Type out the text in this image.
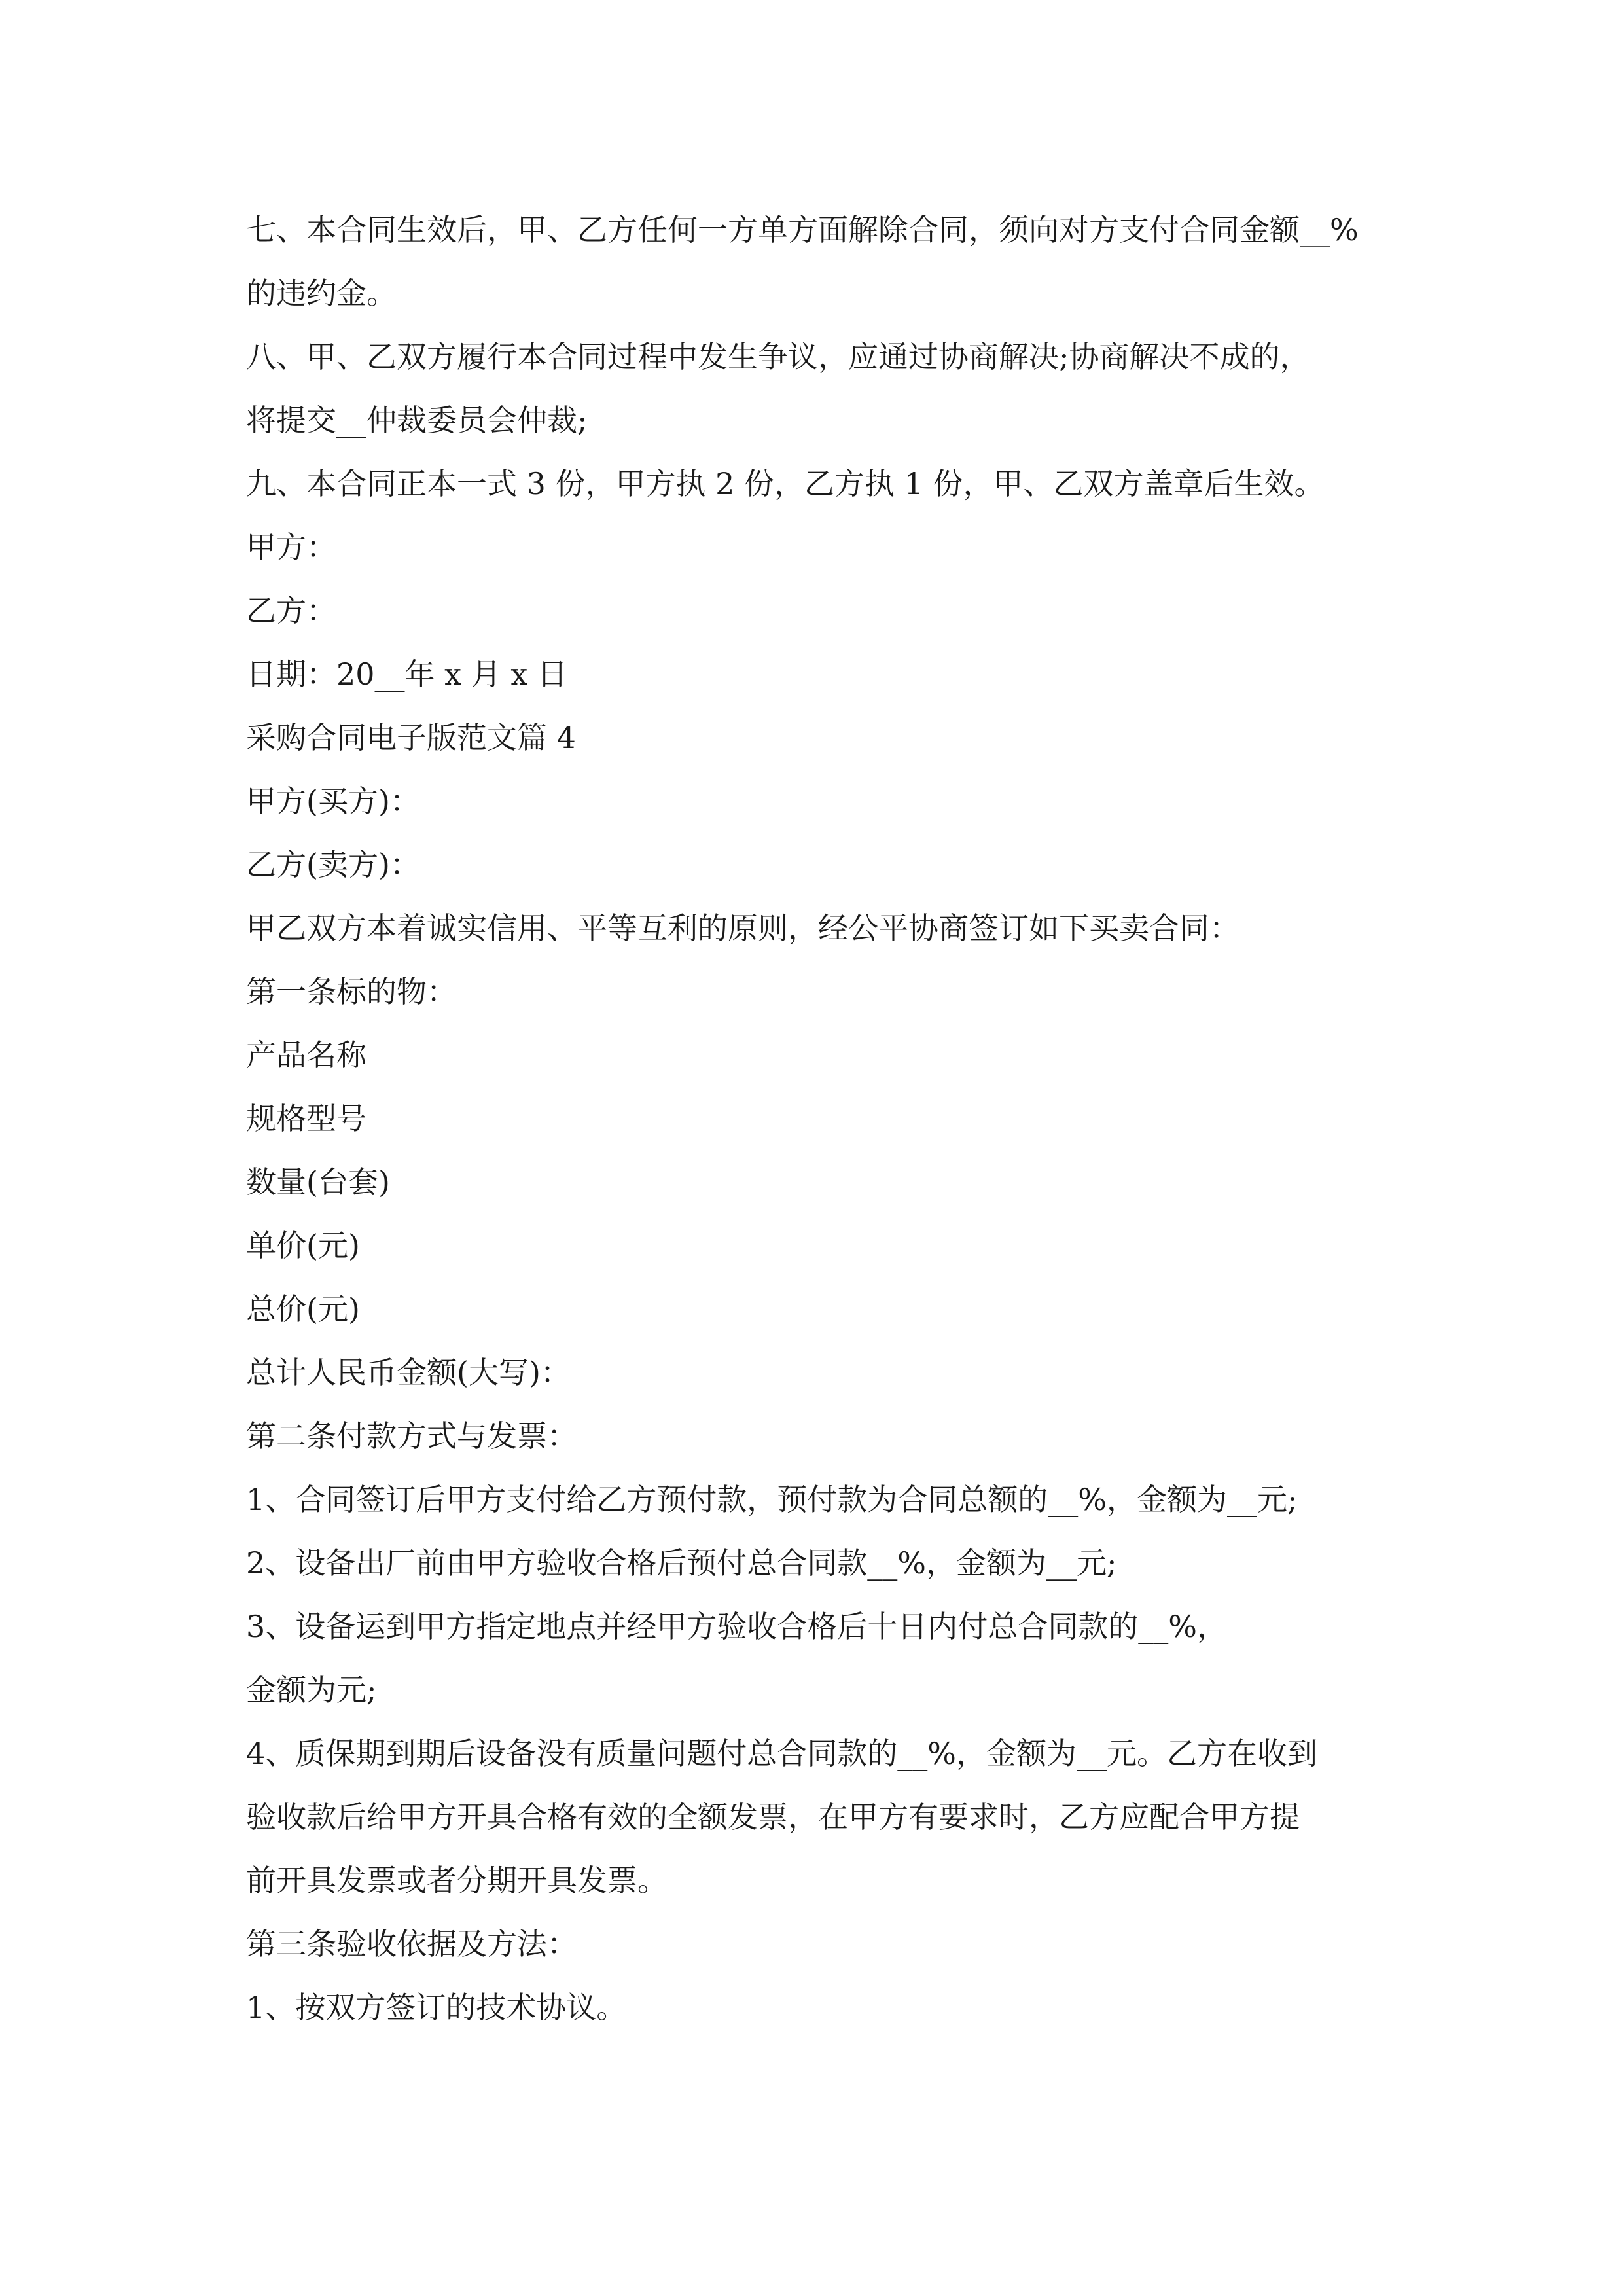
七、本合同生效后，甲、乙方任何一方单方面解除合同，须向对方支付合同金额__%

的违约金。

八、甲、乙双方履行本合同过程中发生争议，应通过协商解决;协商解决不成的，

将提交__仲裁委员会仲裁;

九、本合同正本一式 3 份，甲方执 2 份，乙方执 1 份，甲、乙双方盖章后生效。

甲方：

乙方：

日期：20__年 x 月 x 日

采购合同电子版范文篇 4

甲方(买方)：

乙方(卖方)：

甲乙双方本着诚实信用、平等互利的原则，经公平协商签订如下买卖合同：

第一条标的物：

产品名称

规格型号

数量(台套)

单价(元)

总价(元)

总计人民币金额(大写)：

第二条付款方式与发票：

1、合同签订后甲方支付给乙方预付款，预付款为合同总额的__%，金额为__元;

2、设备出厂前由甲方验收合格后预付总合同款__%，金额为__元;

3、设备运到甲方指定地点并经甲方验收合格后十日内付总合同款的__%，

金额为元;

4、质保期到期后设备没有质量问题付总合同款的__%，金额为__元。乙方在收到

验收款后给甲方开具合格有效的全额发票，在甲方有要求时，乙方应配合甲方提

前开具发票或者分期开具发票。

第三条验收依据及方法：

1、按双方签订的技术协议。
